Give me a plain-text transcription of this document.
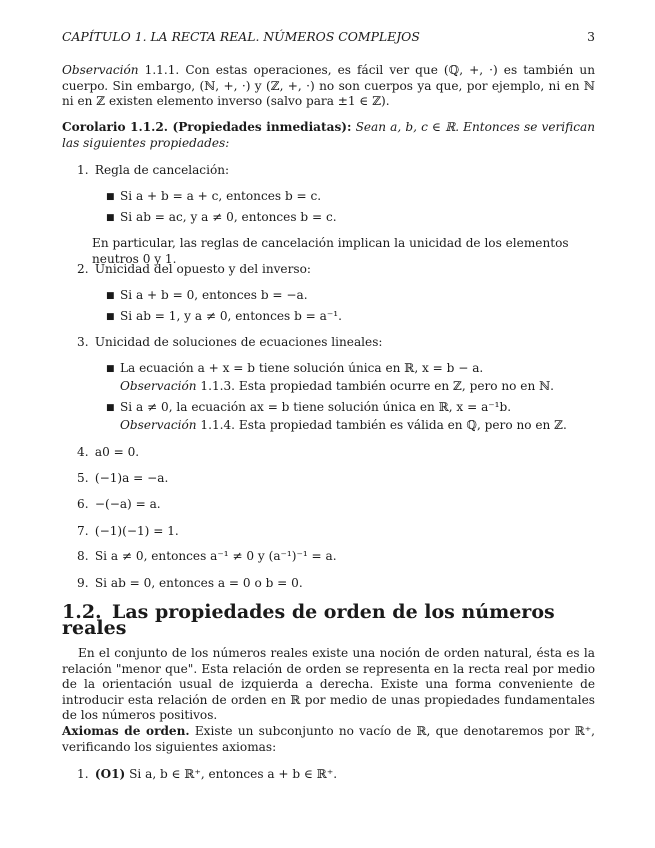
CAPÍTULO 1. LA RECTA REAL. NÚMEROS COMPLEJOS	3
Observación 1.1.1. Con estas operaciones, es fácil ver que (ℚ, +, ·) es también un cuerpo. Sin embargo, (ℕ, +, ·) y (ℤ, +, ·) no son cuerpos ya que, por ejemplo, ni en ℕ ni en ℤ existen elemento inverso (salvo para ±1 ∈ ℤ).
Corolario 1.1.2. (Propiedades inmediatas): Sean a, b, c ∈ ℝ. Entonces se verifican las siguientes propiedades:
1. Regla de cancelación:
■ Si a + b = a + c, entonces b = c.
■ Si ab = ac, y a ≠ 0, entonces b = c.
En particular, las reglas de cancelación implican la unicidad de los elementos neutros 0 y 1.
2. Unicidad del opuesto y del inverso:
■ Si a + b = 0, entonces b = −a.
■ Si ab = 1, y a ≠ 0, entonces b = a⁻¹.
3. Unicidad de soluciones de ecuaciones lineales:
■ La ecuación a + x = b tiene solución única en ℝ, x = b − a.
Observación 1.1.3. Esta propiedad también ocurre en ℤ, pero no en ℕ.
■ Si a ≠ 0, la ecuación ax = b tiene solución única en ℝ, x = a⁻¹b.
Observación 1.1.4. Esta propiedad también es válida en ℚ, pero no en ℤ.
4. a0 = 0.
5. (−1)a = −a.
6. −(−a) = a.
7. (−1)(−1) = 1.
8. Si a ≠ 0, entonces a⁻¹ ≠ 0 y (a⁻¹)⁻¹ = a.
9. Si ab = 0, entonces a = 0 o b = 0.
1.2. Las propiedades de orden de los números reales
En el conjunto de los números reales existe una noción de orden natural, ésta es la relación "menor que". Esta relación de orden se representa en la recta real por medio de la orientación usual de izquierda a derecha. Existe una forma conveniente de introducir esta relación de orden en ℝ por medio de unas propiedades fundamentales de los números positivos.
Axiomas de orden. Existe un subconjunto no vacío de ℝ, que denotaremos por ℝ⁺, verificando los siguientes axiomas:
1. (O1) Si a, b ∈ ℝ⁺, entonces a + b ∈ ℝ⁺.
